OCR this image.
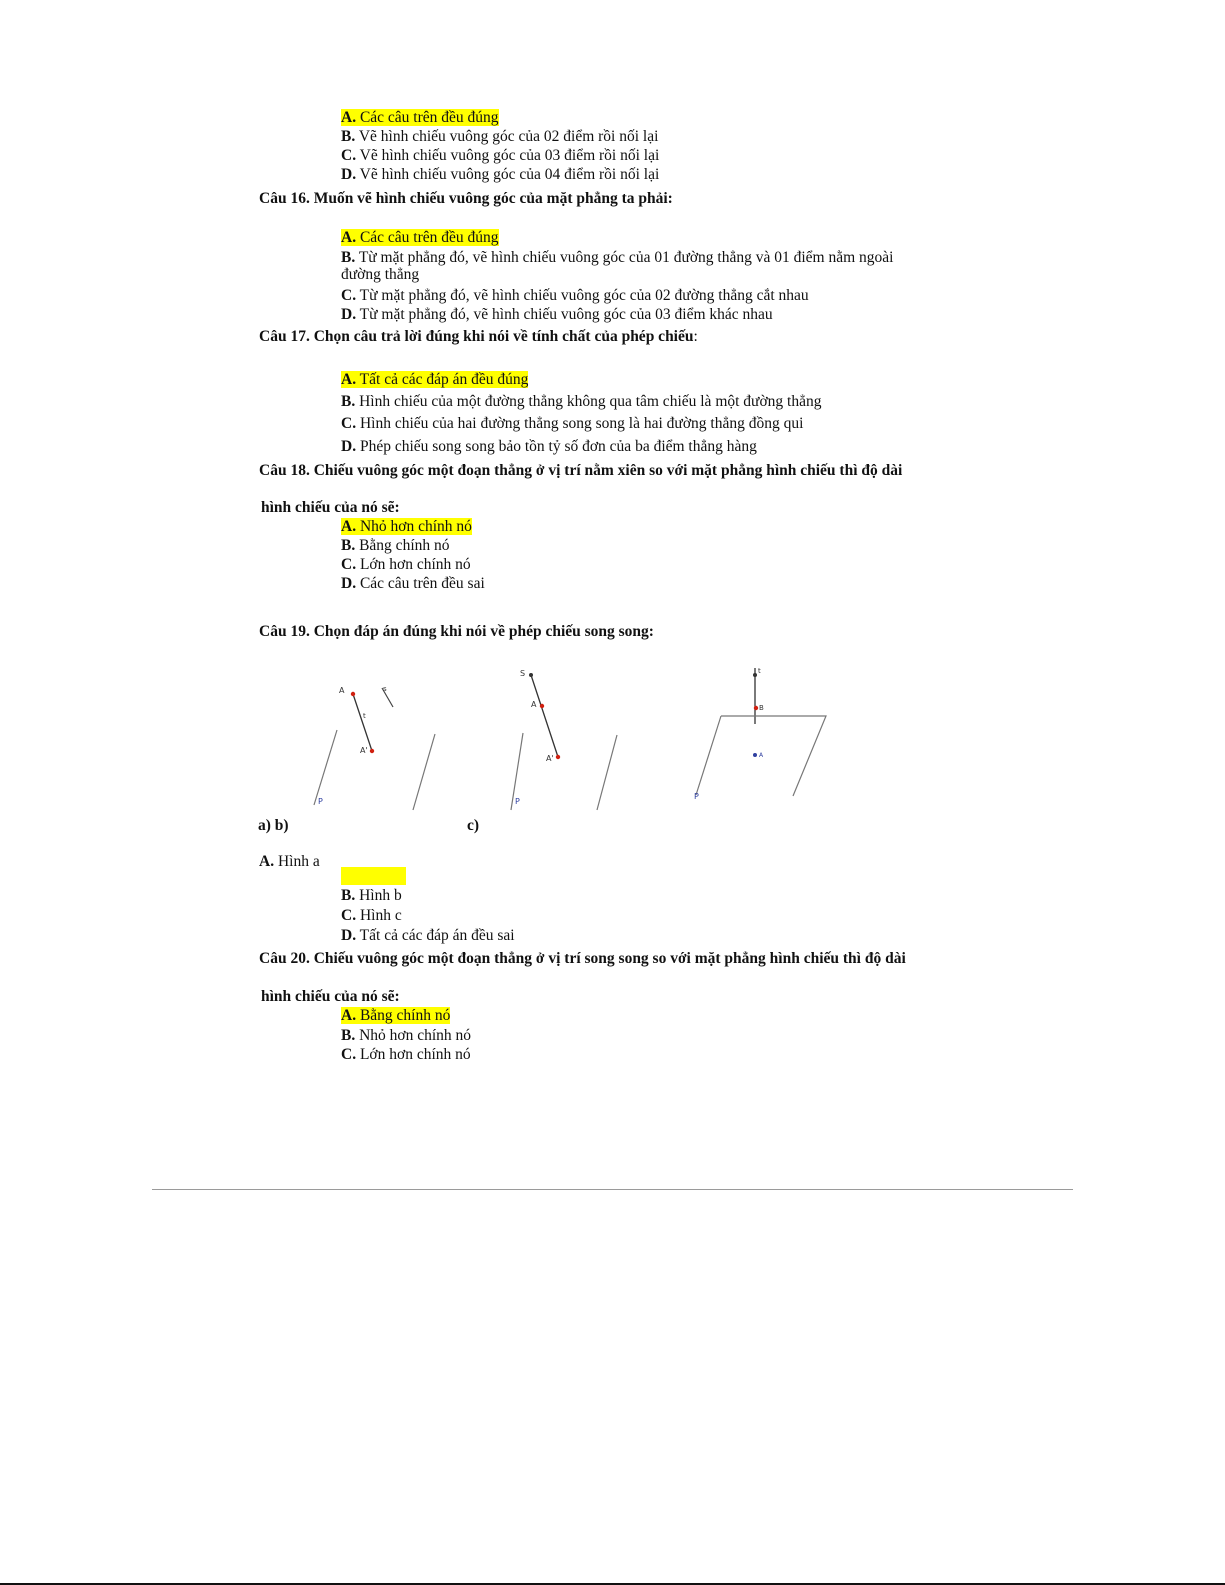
A. Các câu trên đều đúng
B. Vẽ hình chiếu vuông góc của 02 điểm rồi nối lại
C. Vẽ hình chiếu vuông góc của 03 điểm rồi nối lại
D. Vẽ hình chiếu vuông góc của 04 điểm rồi nối lại
Câu 16. Muốn vẽ hình chiếu vuông góc của mặt phẳng ta phải:
A. Các câu trên đều đúng
B. Từ mặt phẳng đó, vẽ hình chiếu vuông góc của 01 đường thẳng và 01 điểm nằm ngoài
đường thẳng
C. Từ mặt phẳng đó, vẽ hình chiếu vuông góc của 02 đường thẳng cắt nhau
D. Từ mặt phẳng đó, vẽ hình chiếu vuông góc của 03 điểm khác nhau
Câu 17. Chọn câu trả lời đúng khi nói về tính chất của phép chiếu:
A. Tất cả các đáp án đều đúng
B. Hình chiếu của một đường thẳng không qua tâm chiếu là một đường thẳng
C. Hình chiếu của hai đường thẳng song song là hai đường thẳng đồng qui
D. Phép chiếu song song bảo tồn tỷ số đơn của ba điểm thẳng hàng
Câu 18. Chiếu vuông góc một đoạn thẳng ở vị trí nằm xiên so với mặt phẳng hình chiếu thì độ dài
hình chiếu của nó sẽ:
A. Nhỏ hơn chính nó
B. Bằng chính nó
C. Lớn hơn chính nó
D. Các câu trên đều sai
Câu 19. Chọn đáp án đúng khi nói về phép chiếu song song:
A
A'
t
s
P
S
A
A'
P
t
B
A
P
a) b)	c)
A. Hình a
B. Hình b
C. Hình c
D. Tất cả các đáp án đều sai
Câu 20. Chiếu vuông góc một đoạn thẳng ở vị trí song song so với mặt phẳng hình chiếu thì độ dài
hình chiếu của nó sẽ:
A. Bằng chính nó
B. Nhỏ hơn chính nó
C. Lớn hơn chính nó
